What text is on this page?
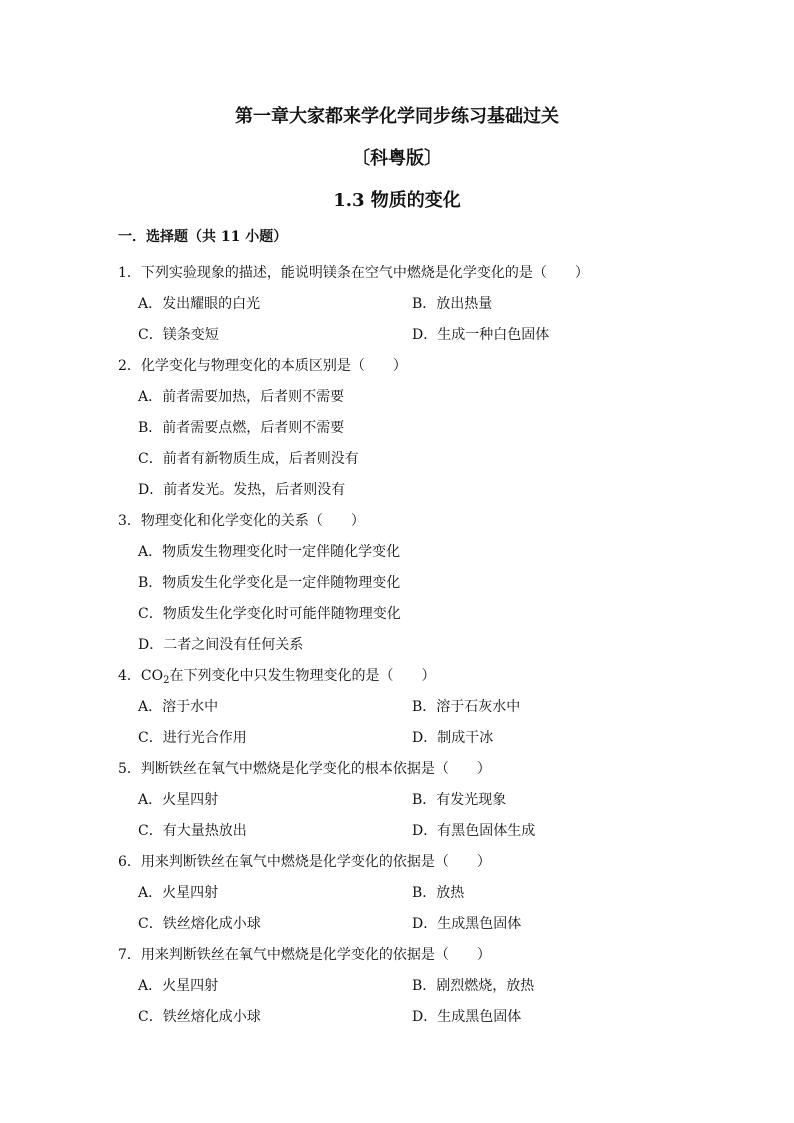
第一章大家都来学化学同步练习基础过关
〔科粤版〕
1.3 物质的变化
一．选择题（共 11 小题）
1．下列实验现象的描述，能说明镁条在空气中燃烧是化学变化的是（　　）
A．发出耀眼的白光	B．放出热量
C．镁条变短	D．生成一种白色固体
2．化学变化与物理变化的本质区别是（　　）
A．前者需要加热，后者则不需要
B．前者需要点燃，后者则不需要
C．前者有新物质生成，后者则没有
D．前者发光。发热，后者则没有
3．物理变化和化学变化的关系（　　）
A．物质发生物理变化时一定伴随化学变化
B．物质发生化学变化是一定伴随物理变化
C．物质发生化学变化时可能伴随物理变化
D．二者之间没有任何关系
4．$CO_2$在下列变化中只发生物理变化的是（　　）
A．溶于水中	B．溶于石灰水中
C．进行光合作用	D．制成干冰
5．判断铁丝在氧气中燃烧是化学变化的根本依据是（　　）
A．火星四射	B．有发光现象
C．有大量热放出	D．有黑色固体生成
6．用来判断铁丝在氧气中燃烧是化学变化的依据是（　　）
A．火星四射	B．放热
C．铁丝熔化成小球	D．生成黑色固体
7．用来判断铁丝在氧气中燃烧是化学变化的依据是（　　）
A．火星四射	B．剧烈燃烧，放热
C．铁丝熔化成小球	D．生成黑色固体
